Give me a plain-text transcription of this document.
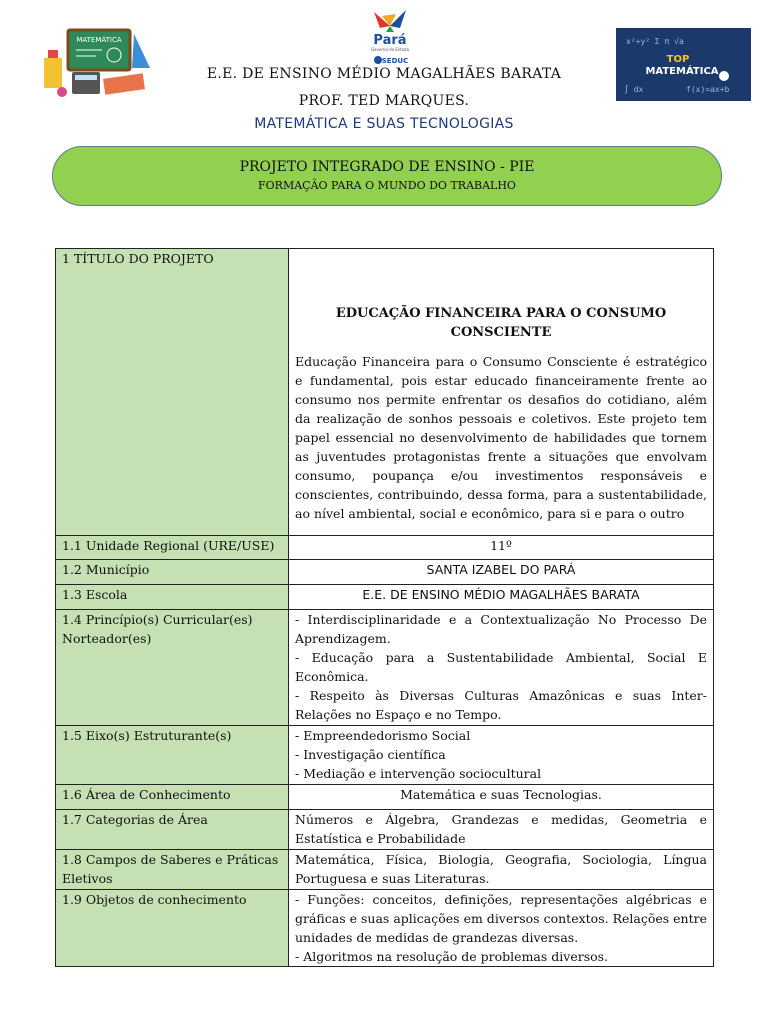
MATEMÁTICA	Pará
Governo do Estado
SEDUC
x²+y² Σ π √a
f(x)=ax+b
∫ dx
TOP
MATEMÁTICA
E.E. DE ENSINO MÉDIO MAGALHÃES BARATA
PROF. TED MARQUES.
MATEMÁTICA E SUAS TECNOLOGIAS
PROJETO INTEGRADO DE ENSINO - PIE
FORMAÇÃO PARA O MUNDO DO TRABALHO
1 TÍTULO DO PROJETO	EDUCAÇÃO FINANCEIRA PARA O CONSUMO CONSCIENTE
Educação Financeira para o Consumo Consciente é estratégico e fundamental, pois estar educado financeiramente frente ao consumo nos permite enfrentar os desafios do cotidiano, além da realização de sonhos pessoais e coletivos. Este projeto tem papel essencial no desenvolvimento de habilidades que tornem as juventudes protagonistas frente a situações que envolvam consumo, poupança e/ou investimentos responsáveis e conscientes, contribuindo, dessa forma, para a sustentabilidade, ao nível ambiental, social e econômico, para si e para o outro

1.1 Unidade Regional (URE/USE)	11º
1.2 Município	SANTA IZABEL DO PARÁ
1.3 Escola	E.E. DE ENSINO MÉDIO MAGALHÃES BARATA
1.4 Princípio(s) Curricular(es) Norteador(es)	- Interdisciplinaridade e a Contextualização No Processo De Aprendizagem.
- Educação para a Sustentabilidade Ambiental, Social E Econômica.
- Respeito às Diversas Culturas Amazônicas e suas Inter-Relações no Espaço e no Tempo.

1.5 Eixo(s) Estruturante(s)	- Empreendedorismo Social
- Investigação científica
- Mediação e intervenção sociocultural

1.6 Área de Conhecimento	Matemática e suas Tecnologias.
1.7 Categorias de Área	Números e Álgebra, Grandezas e medidas, Geometria e Estatística e Probabilidade
1.8 Campos de Saberes e Práticas Eletivos	Matemática, Física, Biologia, Geografia, Sociologia, Língua Portuguesa e suas Literaturas.
1.9 Objetos de conhecimento	- Funções: conceitos, definições, representações algébricas e gráficas e suas aplicações em diversos contextos. Relações entre unidades de medidas de grandezas diversas.
- Algoritmos na resolução de problemas diversos.
